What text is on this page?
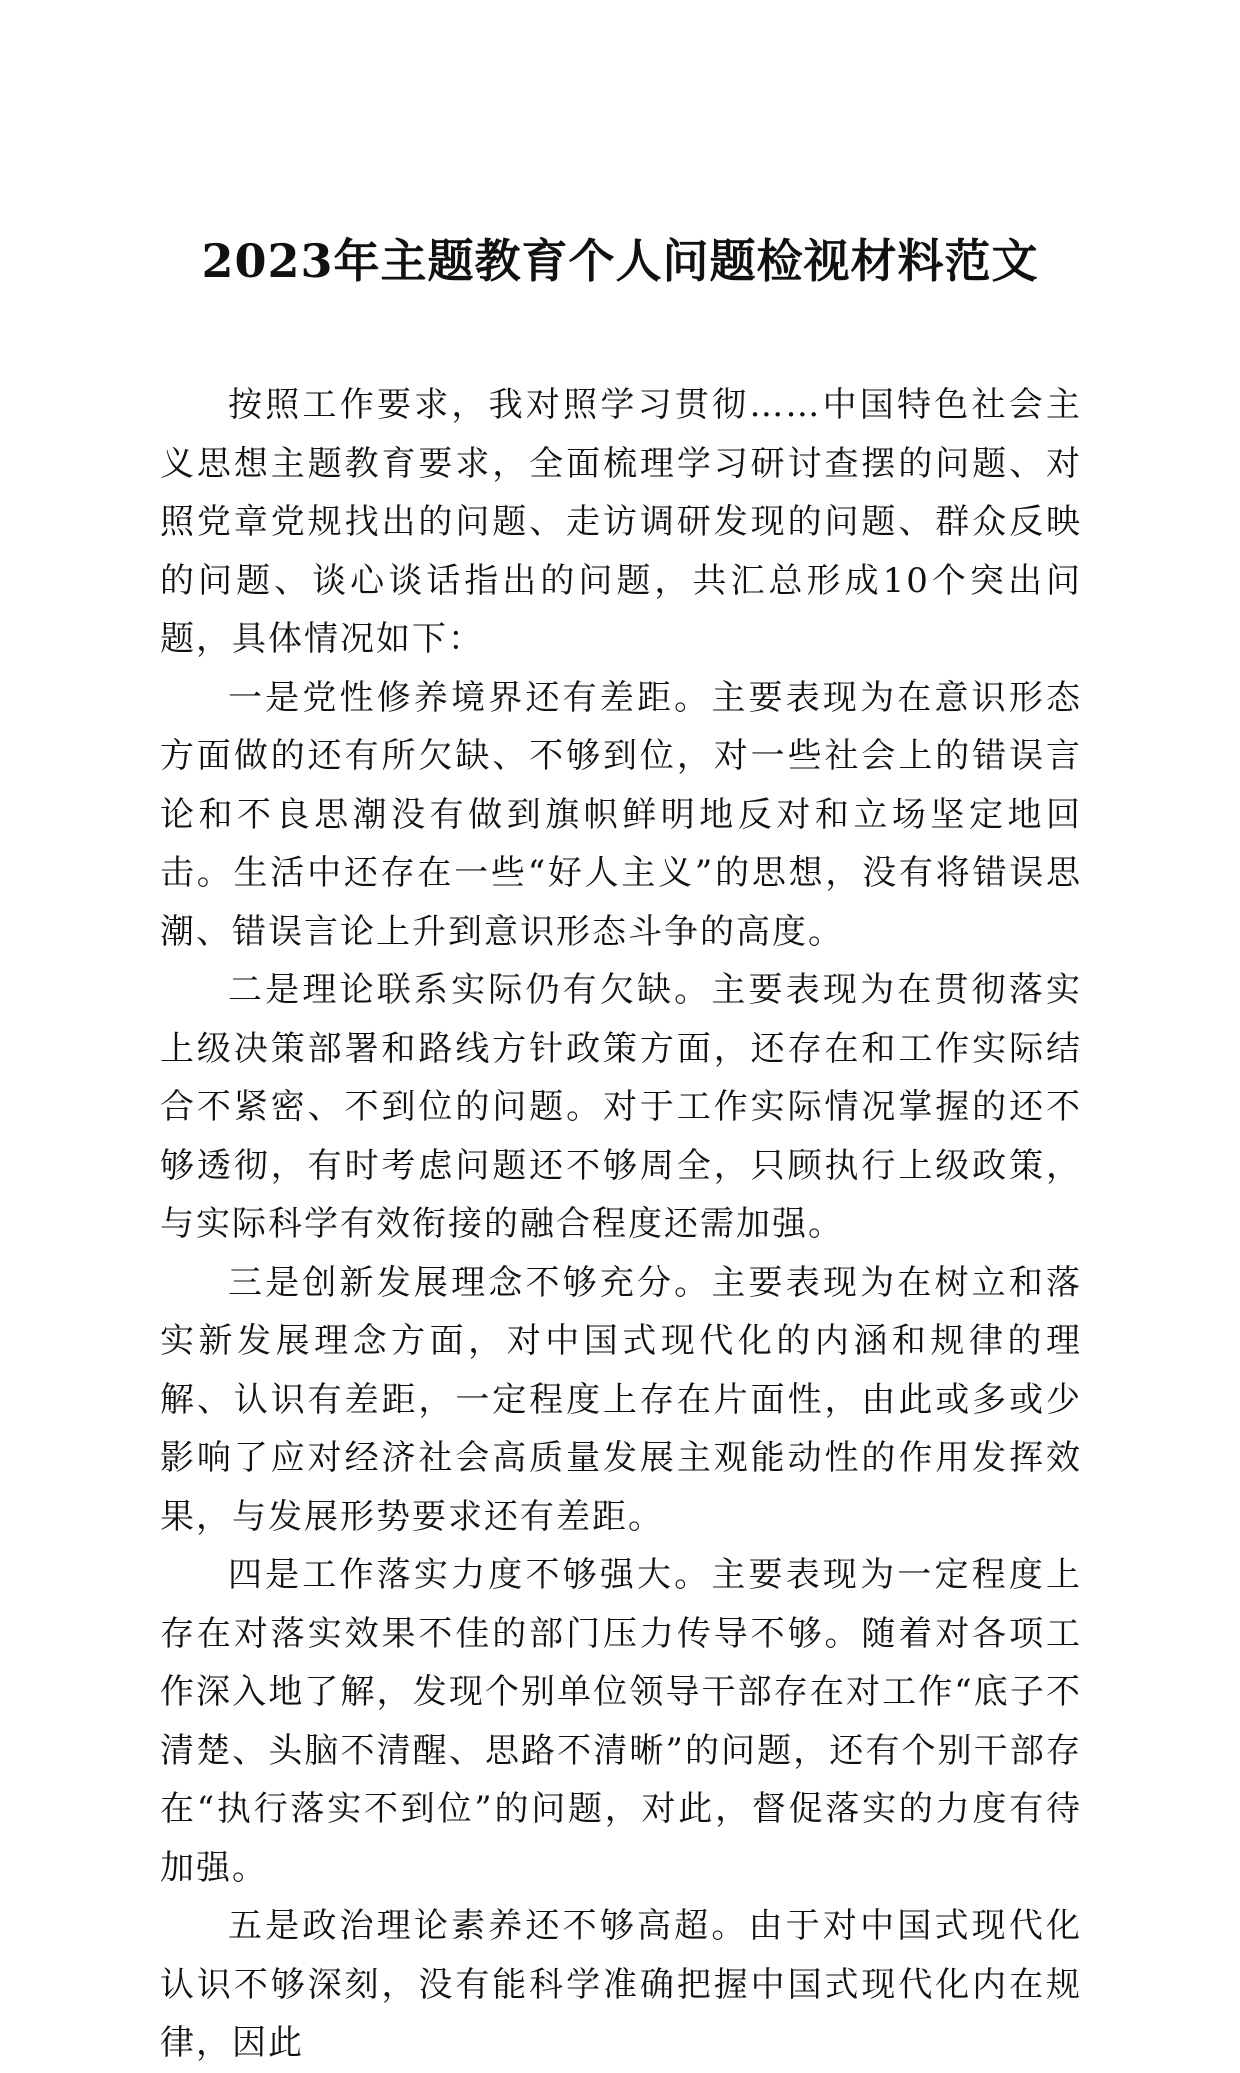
2023年主题教育个人问题检视材料范文

按照工作要求，我对照学习贯彻……中国特色社会主义思想主题教育要求，全面梳理学习研讨查摆的问题、对照党章党规找出的问题、走访调研发现的问题、群众反映的问题、谈心谈话指出的问题，共汇总形成10个突出问题，具体情况如下：

一是党性修养境界还有差距。主要表现为在意识形态方面做的还有所欠缺、不够到位，对一些社会上的错误言论和不良思潮没有做到旗帜鲜明地反对和立场坚定地回击。生活中还存在一些“好人主义”的思想，没有将错误思潮、错误言论上升到意识形态斗争的高度。

二是理论联系实际仍有欠缺。主要表现为在贯彻落实上级决策部署和路线方针政策方面，还存在和工作实际结合不紧密、不到位的问题。对于工作实际情况掌握的还不够透彻，有时考虑问题还不够周全，只顾执行上级政策，与实际科学有效衔接的融合程度还需加强。

三是创新发展理念不够充分。主要表现为在树立和落实新发展理念方面，对中国式现代化的内涵和规律的理解、认识有差距，一定程度上存在片面性，由此或多或少影响了应对经济社会高质量发展主观能动性的作用发挥效果，与发展形势要求还有差距。

四是工作落实力度不够强大。主要表现为一定程度上存在对落实效果不佳的部门压力传导不够。随着对各项工作深入地了解，发现个别单位领导干部存在对工作“底子不清楚、头脑不清醒、思路不清晰”的问题，还有个别干部存在“执行落实不到位”的问题，对此，督促落实的力度有待加强。

五是政治理论素养还不够高超。由于对中国式现代化认识不够深刻，没有能科学准确把握中国式现代化内在规律，因此
